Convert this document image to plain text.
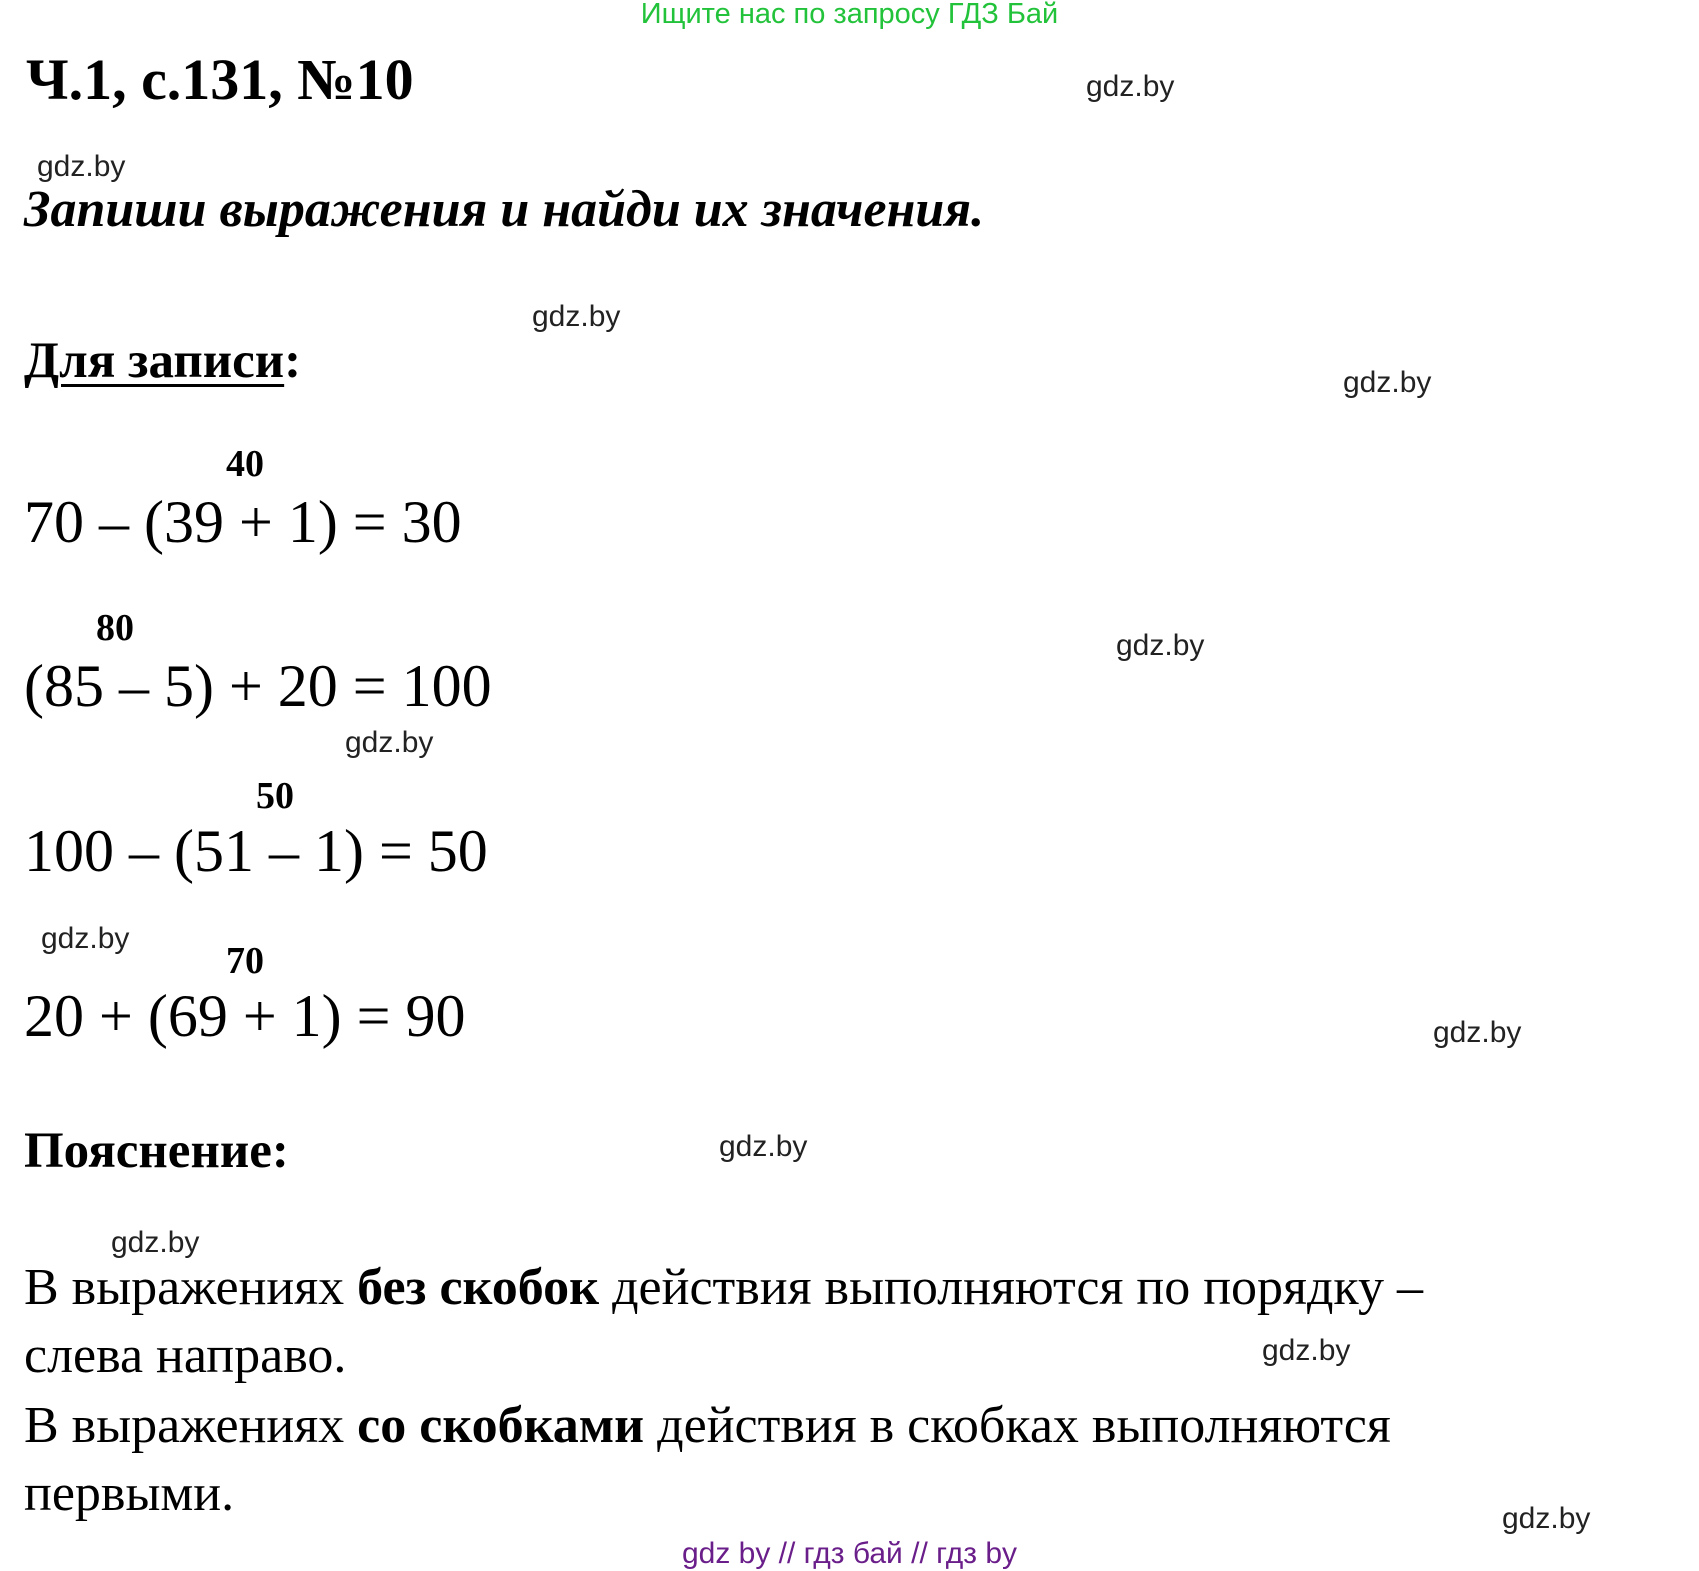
Ищите нас по запросу ГДЗ Бай
Ч.1, с.131, №10
Запиши выражения и найди их значения.
Для записи:
40
70 – (39 + 1) = 30
80
(85 – 5) + 20 = 100
50
100 – (51 – 1) = 50
70
20 + (69 + 1) = 90
Пояснение:
В выражениях без скобок действия выполняются по порядку –
слева направо.
В выражениях со скобками действия в скобках выполняются
первыми.
gdz.by
gdz.by
gdz.by
gdz.by
gdz.by
gdz.by
gdz.by
gdz.by
gdz.by
gdz.by
gdz.by
gdz.by
gdz by // гдз бай // гдз by
